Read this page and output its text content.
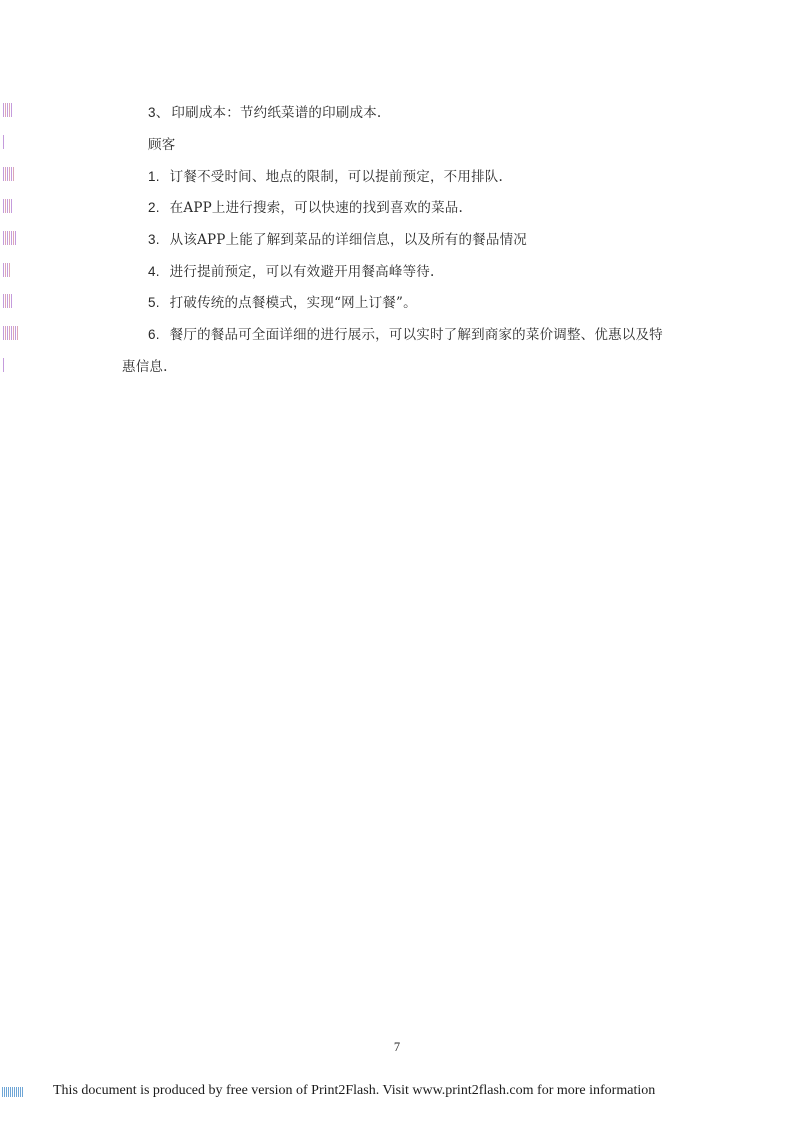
3、 印刷成本：节约纸菜谱的印刷成本.
顾客
1. 订餐不受时间、地点的限制，可以提前预定，不用排队.
2. 在APP上进行搜索，可以快速的找到喜欢的菜品.
3. 从该APP上能了解到菜品的详细信息，以及所有的餐品情况
4. 进行提前预定，可以有效避开用餐高峰等待.
5. 打破传统的点餐模式，实现“网上订餐”。
6. 餐厅的餐品可全面详细的进行展示，可以实时了解到商家的菜价调整、优惠以及特
惠信息.
7
This document is produced by free version of Print2Flash. Visit www.print2flash.com for more information
